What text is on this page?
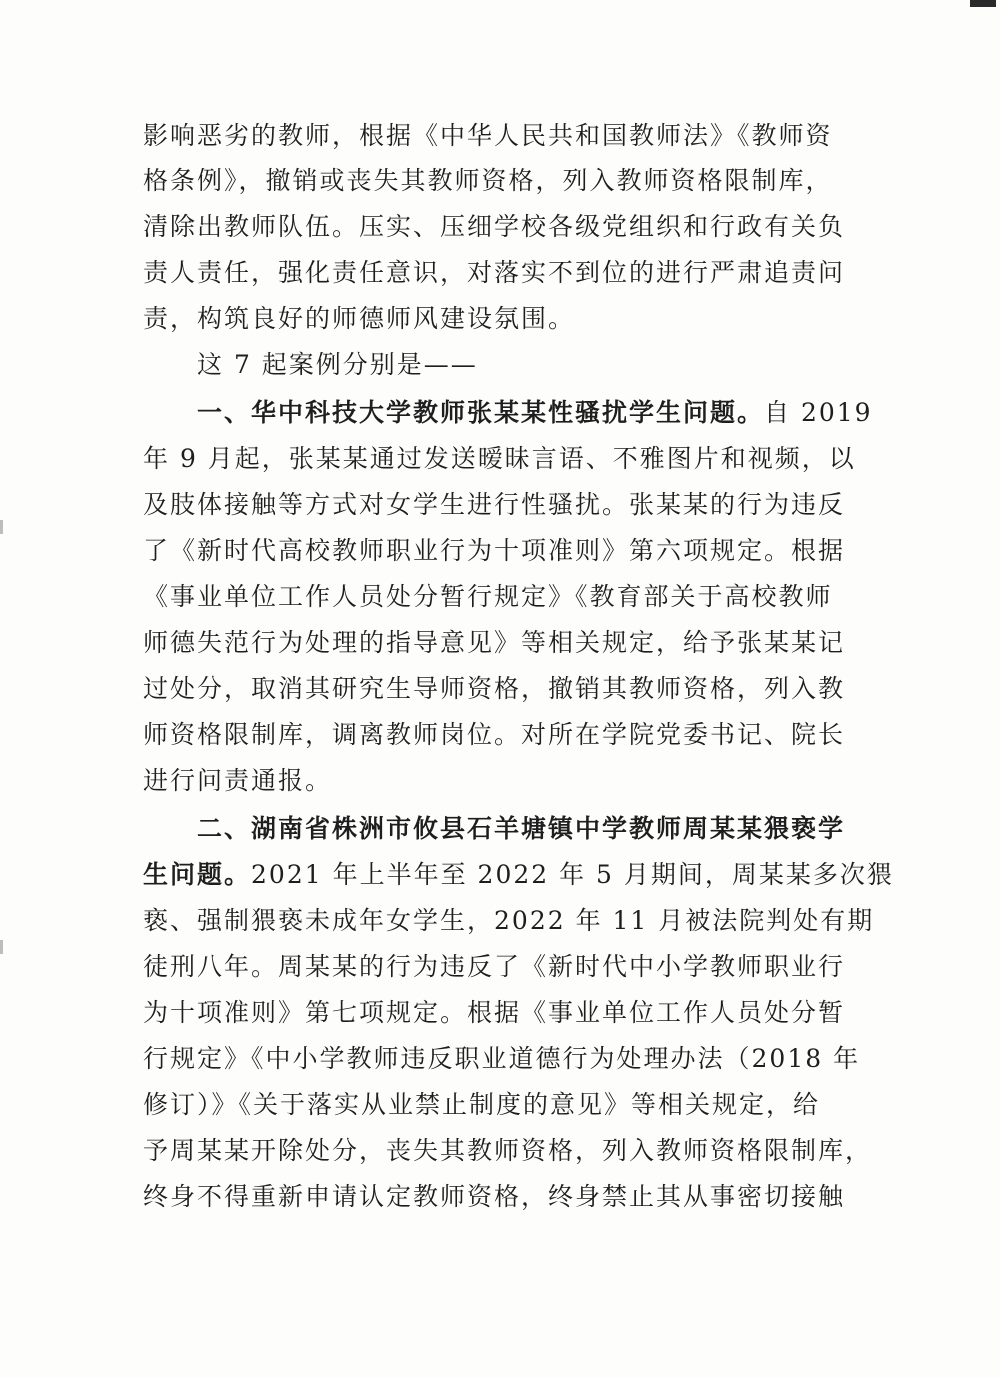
影响恶劣的教师，根据《中华人民共和国教师法》《教师资
格条例》，撤销或丧失其教师资格，列入教师资格限制库，
清除出教师队伍。压实、压细学校各级党组织和行政有关负
责人责任，强化责任意识，对落实不到位的进行严肃追责问
责，构筑良好的师德师风建设氛围。
这 7 起案例分别是——
一、华中科技大学教师张某某性骚扰学生问题。自 2019
年 9 月起，张某某通过发送暧昧言语、不雅图片和视频，以
及肢体接触等方式对女学生进行性骚扰。张某某的行为违反
了《新时代高校教师职业行为十项准则》第六项规定。根据
《事业单位工作人员处分暂行规定》《教育部关于高校教师
师德失范行为处理的指导意见》等相关规定，给予张某某记
过处分，取消其研究生导师资格，撤销其教师资格，列入教
师资格限制库，调离教师岗位。对所在学院党委书记、院长
进行问责通报。
二、湖南省株洲市攸县石羊塘镇中学教师周某某猥亵学
生问题。2021 年上半年至 2022 年 5 月期间，周某某多次猥
亵、强制猥亵未成年女学生，2022 年 11 月被法院判处有期
徒刑八年。周某某的行为违反了《新时代中小学教师职业行
为十项准则》第七项规定。根据《事业单位工作人员处分暂
行规定》《中小学教师违反职业道德行为处理办法（2018 年
修订）》《关于落实从业禁止制度的意见》等相关规定，给
予周某某开除处分，丧失其教师资格，列入教师资格限制库，
终身不得重新申请认定教师资格，终身禁止其从事密切接触
